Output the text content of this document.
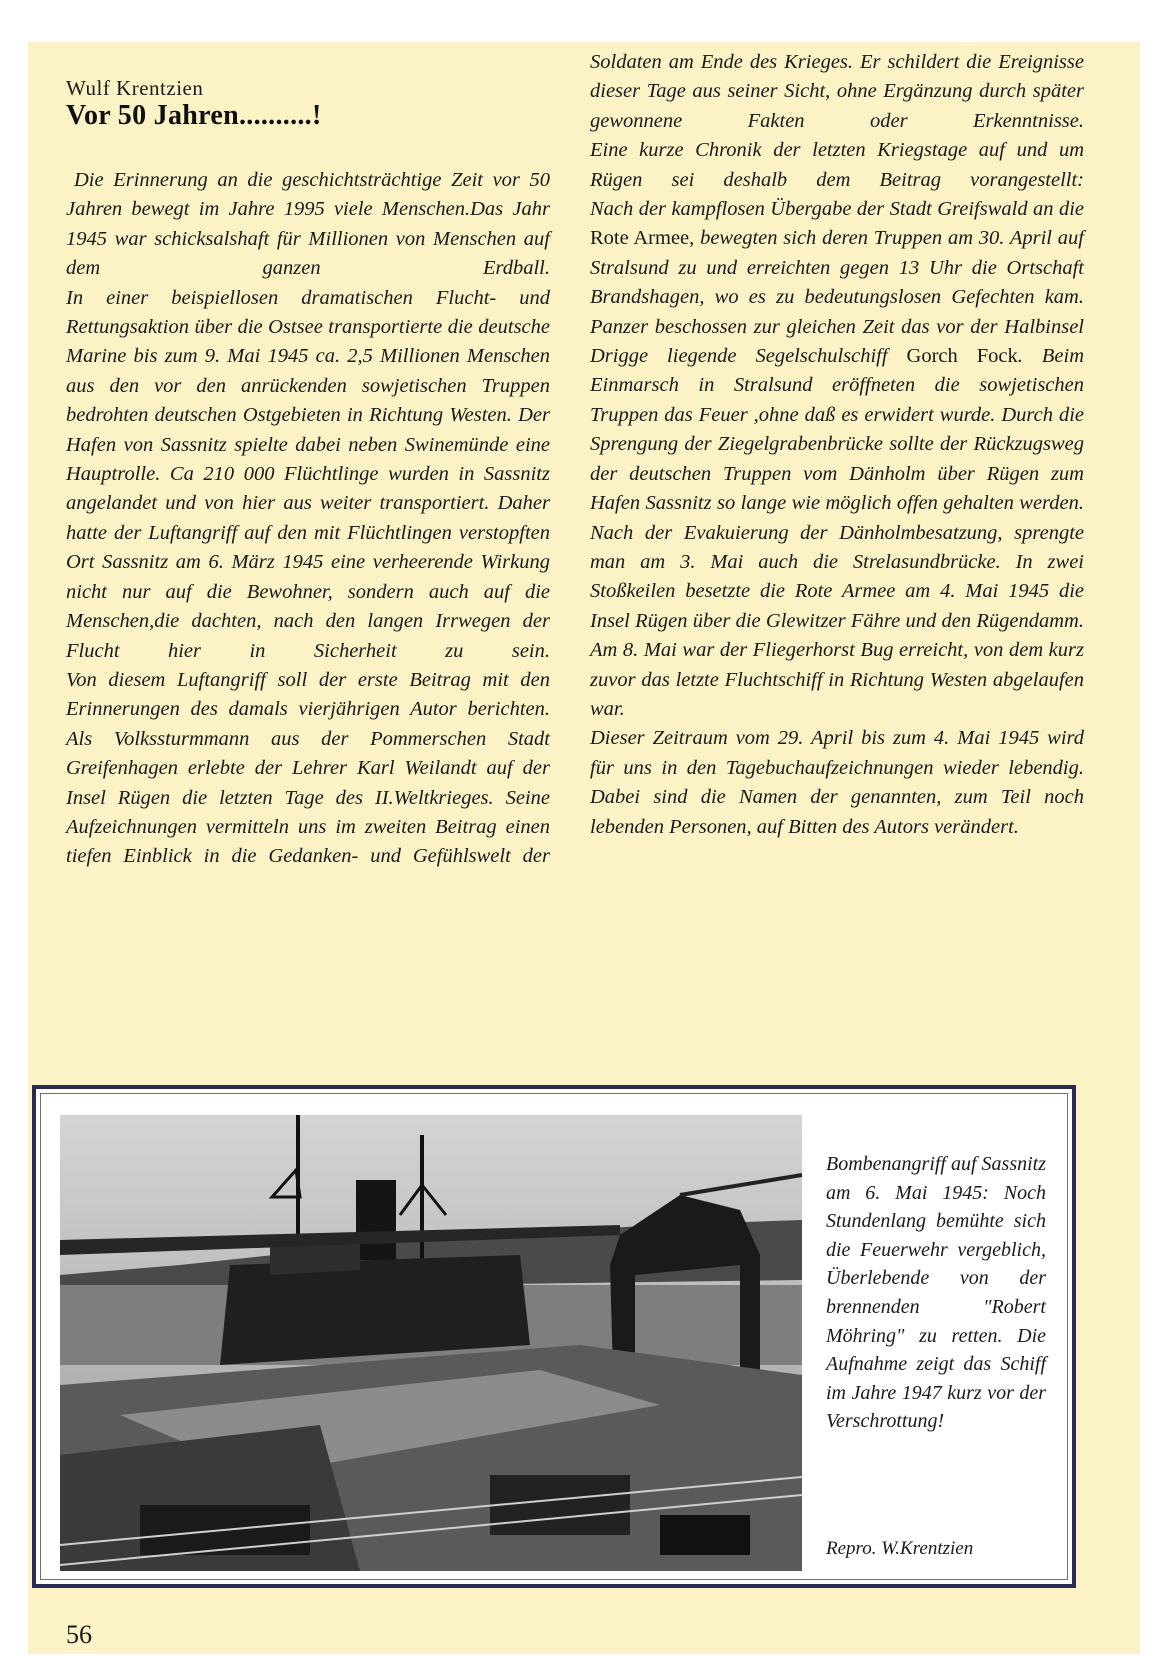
Wulf Krentzien
Vor 50 Jahren..........!

Die Erinnerung an die geschichtsträchtige Zeit vor 50 Jahren bewegt im Jahre 1995 viele Menschen.Das Jahr 1945 war schicksalshaft für Millionen von Menschen auf dem ganzen Erdball.

In einer beispiellosen dramatischen Flucht- und Rettungsaktion über die Ostsee transportierte die deutsche Marine bis zum 9. Mai 1945 ca. 2,5 Millionen Menschen aus den vor den anrückenden sowjetischen Truppen bedrohten deutschen Ostgebieten in Richtung Westen. Der Hafen von Sassnitz spielte dabei neben Swinemünde eine Hauptrolle. Ca 210 000 Flüchtlinge wurden in Sassnitz angelandet und von hier aus weiter transportiert. Daher hatte der Luftangriff auf den mit Flüchtlingen verstopften Ort Sassnitz am 6. März 1945 eine verheerende Wirkung nicht nur auf die Bewohner, sondern auch auf die Menschen,die dachten, nach den langen Irrwegen der Flucht hier in Sicherheit zu sein.

Von diesem Luftangriff soll der erste Beitrag mit den Erinnerungen des damals vierjährigen Autor berichten.

Als Volkssturmmann aus der Pommerschen Stadt Greifenhagen erlebte der Lehrer Karl Weilandt auf der Insel Rügen die letzten Tage des II.Weltkrieges. Seine Aufzeichnungen vermitteln uns im zweiten Beitrag einen tiefen Einblick in die Gedanken- und Gefühlswelt der

Soldaten am Ende des Krieges. Er schildert die Ereignisse dieser Tage aus seiner Sicht, ohne Ergänzung durch später gewonnene Fakten oder Erkenntnisse.

Eine kurze Chronik der letzten Kriegstage auf und um Rügen sei deshalb dem Beitrag vorangestellt:

Nach der kampflosen Übergabe der Stadt Greifswald an die Rote Armee, bewegten sich deren Truppen am 30. April auf Stralsund zu und erreichten gegen 13 Uhr die Ortschaft Brandshagen, wo es zu bedeutungslosen Gefechten kam. Panzer beschossen zur gleichen Zeit das vor der Halbinsel Drigge liegende Segelschulschiff Gorch Fock. Beim Einmarsch in Stralsund eröffneten die sowjetischen Truppen das Feuer ,ohne daß es erwidert wurde. Durch die Sprengung der Ziegelgrabenbrücke sollte der Rückzugsweg der deutschen Truppen vom Dänholm über Rügen zum Hafen Sassnitz so lange wie möglich offen gehalten werden. Nach der Evakuierung der Dänholmbesatzung, sprengte man am 3. Mai auch die Strelasundbrücke. In zwei Stoßkeilen besetzte die Rote Armee am 4. Mai 1945 die Insel Rügen über die Glewitzer Fähre und den Rügendamm. Am 8. Mai war der Fliegerhorst Bug erreicht, von dem kurz zuvor das letzte Fluchtschiff in Richtung Westen abgelaufen war.

Dieser Zeitraum vom 29. April bis zum 4. Mai 1945 wird für uns in den Tagebuchaufzeichnungen wieder lebendig. Dabei sind die Namen der genannten, zum Teil noch lebenden Personen, auf Bitten des Autors verändert.

Bombenangriff auf Sassnitz am 6. Mai 1945: Noch Stundenlang bemühte sich die Feuerwehr vergeblich, Überlebende von der brennenden "Robert Möhring" zu retten. Die Aufnahme zeigt das Schiff im Jahre 1947 kurz vor der Verschrottung!

Repro. W.Krentzien
56
